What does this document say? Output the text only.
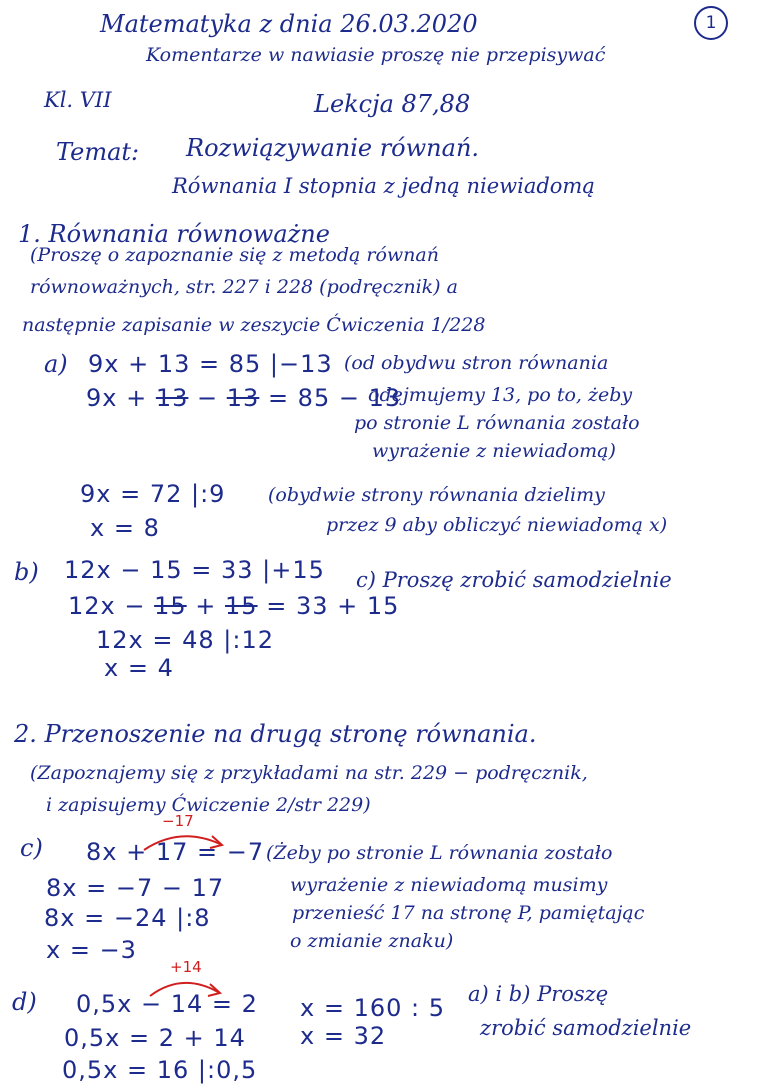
Matematyka z dnia 26.03.2020	1
Komentarze w nawiasie proszę nie przepisywać
Kl. VII	Lekcja 87,88
Temat: Rozwiązywanie równań.
Równania I stopnia z jedną niewiadomą
1. Równania równoważne
(Proszę o zapoznanie się z metodą równań
równoważnych, str. 227 i 228 (podręcznik) a
następnie zapisanie w zeszycie Ćwiczenia 1/228
a) 9x + 13 = 85 |−13
9x + 13 − 13 = 85 − 13
(od obydwu stron równania
odejmujemy 13, po to, żeby
po stronie L równania zostało
wyrażenie z niewiadomą)
9x = 72 |:9
x = 8
(obydwie strony równania dzielimy
przez 9 aby obliczyć niewiadomą x)
b) 12x − 15 = 33 |+15
12x − 15 + 15 = 33 + 15
12x = 48 |:12
x = 4
c) Proszę zrobić samodzielnie
2. Przenoszenie na drugą stronę równania.
(Zapoznajemy się z przykładami na str. 229 − podręcznik,
i zapisujemy Ćwiczenie 2/str 229)
c)
−17
8x + 17 = −7
8x = −7 − 17
8x = −24 |:8
x = −3
(Żeby po stronie L równania zostało
wyrażenie z niewiadomą musimy
przenieść 17 na stronę P, pamiętając
o zmianie znaku)
d)
+14
0,5x − 14 = 2
0,5x = 2 + 14
0,5x = 16 |:0,5
x = 160 : 5
x = 32
a) i b) Proszę
zrobić samodzielnie
